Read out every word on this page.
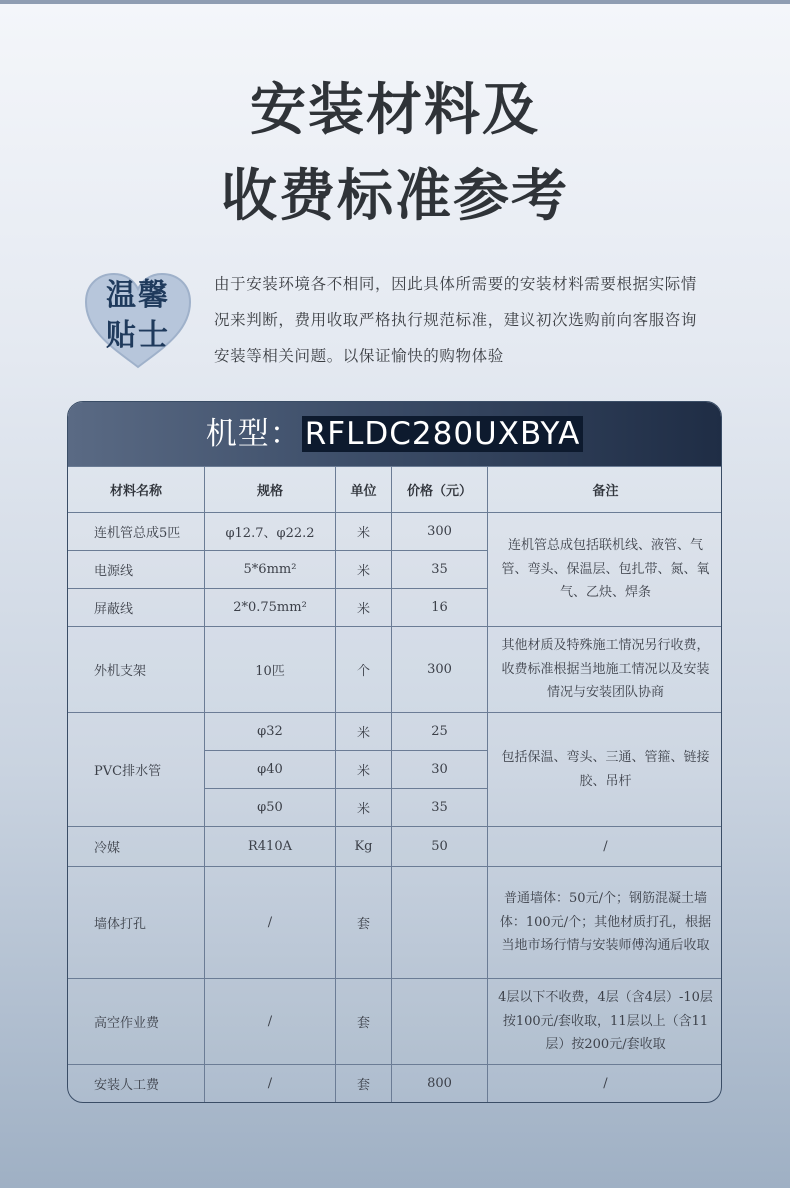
安装材料及
收费标准参考
温馨
贴士
由于安装环境各不相同，因此具体所需要的安装材料需要根据实际情况来判断，费用收取严格执行规范标准，建议初次选购前向客服咨询安装等相关问题。以保证愉快的购物体验
机型：RFLDC280UXBYA
材料名称	规格	单位	价格（元）	备注
连机管总成5匹	φ12.7、φ22.2	米	300	连机管总成包括联机线、液管、气管、弯头、保温层、包扎带、氮、氧气、乙炔、焊条
电源线	5*6mm²	米	35	
屏蔽线	2*0.75mm²	米	16	
外机支架	10匹	个	300	其他材质及特殊施工情况另行收费，收费标准根据当地施工情况以及安装情况与安装团队协商
PVC排水管	φ32	米	25	包括保温、弯头、三通、管箍、链接胶、吊杆
	φ40	米	30	
	φ50	米	35	
冷媒	R410A	Kg	50	/
墙体打孔	/	套		普通墙体：50元/个；钢筋混凝土墙体：100元/个；其他材质打孔，根据当地市场行情与安装师傅沟通后收取
高空作业费	/	套		4层以下不收费，4层（含4层）-10层按100元/套收取，11层以上（含11层）按200元/套收取
安装人工费	/	套	800	/
